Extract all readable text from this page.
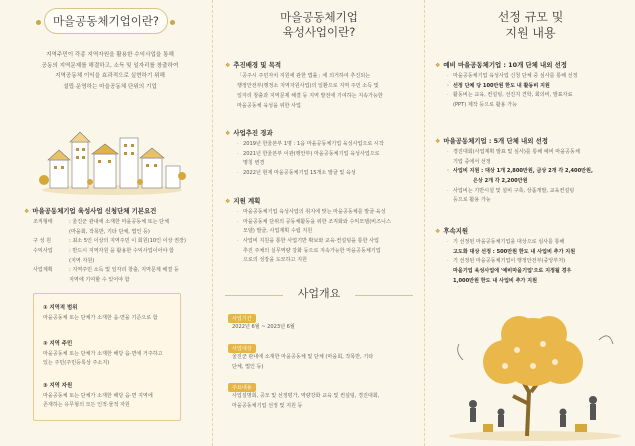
마을공동체기업이란?
지역주민이 각종 지역자원을 활용한 수익사업을 통해
공동의 지역문제를 해결하고, 소득 및 일자리를 창출하여
지역공동체 이익을 효과적으로 실현하기 위해
설립·운영하는 마을공동체 단위의 기업
❖ 마을공동체기업 육성사업 신청단체 기본요건
조직형태	: 울진군 관내에 소재한 마을공동체 또는 단체
(마을회, 작목반, 기타 단체, 법인 등)
구 성 원	: 최소 5인 이상의 지역주민 이 회원(10인 이상 권장)
수익사업	: 반드시 지역자원 을 활용한 수익사업이어야 함
(지역 자원)
사업계획	: 지역주민 소득 및 일자리 창출, 지역문제 해결 등
지역에 기여할 수 있어야 함
① 지역적 범위
마을공동체 또는 단체가 소재한 읍·면을 기준으로 함
② 지역 주민
마을공동체 또는 단체가 소재한 해당 읍·면에 거주하고
있는 주민(주민등록상 주소지)
③ 지역 자원
마을공동체 또는 단체가 소재한 해당 읍·면 지역에
존재하는 유무형의 모든 인적·물적 자원
마을공동체기업
육성사업이란?
❖ 추진배경 및 목적
「공주시 주민자치 지원에 관한 법률」에 의거하여 추진되는
행정안전부(행정소 지역자원사업)의 일환으로 지역 주민 소득 및
일자리 창출과 지역문제 해결 등 지역 발전에 기여하는 지속가능한
마을공동체 육성을 위한 사업
❖ 사업추진 경과
· 2019년 한울본부 1명 : 1읍 마을공동체기업 육성사업으로 시작
· 2021년 한울본부 이관(행안부) 마을공동체기업 육성사업으로
명칭 변경
· 2022년 현재 마을공동체기업 15개소 발굴 및 육성
❖ 지원 계획
· 마을공동체기업 육성사업의 취지에 맞는 마을공동체를 발굴·육성
· 마을공동체 단위의 공동체활동을 위한 조직화와 수익모델(비즈니스
모델) 발굴, 사업계획 수립 지원
· 사업비 지원을 통한 사업기반 확보와 교육·컨설팅을 통한 사업
추진 주체의 실무역량 강화 등으로 지속가능한 마을공동체기업
으로의 성장을 도모하고 지원
사업개요
사업기간
2022년 6월 ~ 2023년 6월
사업대상
울진군 관내에 소재한 마을공동체 및 단체 (마을회, 작목반, 기타
단체, 법인 등)
주요내용
사업설명회, 공모 및 선정평가, 역량강화 교육 및 컨설팅, 경진대회,
마을공동체기업 선정 및 지원 등
선정 규모 및
지원 내용
❖ 예비 마을공동체기업 : 10개 단체 내외 선정
· 마을공동체기업 육성사업 신청 단체 중 심사를 통해 선정
· 선정 단체 당 100만원 한도 내 활동비 지원
· 활동비는 교육, 컨설팅, 선진지 견학, 회의비, 발표자료
(PPT) 제작 등으로 활용 가능
❖ 마을공동체기업 : 5개 단체 내외 선정
· 경진대회(사업계획 발표 및 심사)를 통해 예비 마을공동체
기업 중에서 선정
· 사업비 지원 : 대상 1개 2,800만원, 금상 2개 각 2,400만원,
은상 2개 각 2,200만원
· 사업비는 기반시설 및 설비 구축, 상품개발, 교육컨설팅
등으로 활용 가능
❖ 후속지원
· 기 선정된 마을공동체기업을 대상으로 심사를 통해
고도화 대상 선정 : 500만원 한도 내 사업비 추가 지원
· 기 선정된 마을공동체기업이 행정안전부(중앙부처)
마을기업 육성사업에 '예비마을기업'으로 지정될 경우
1,000만원 한도 내 사업비 추가 지원
